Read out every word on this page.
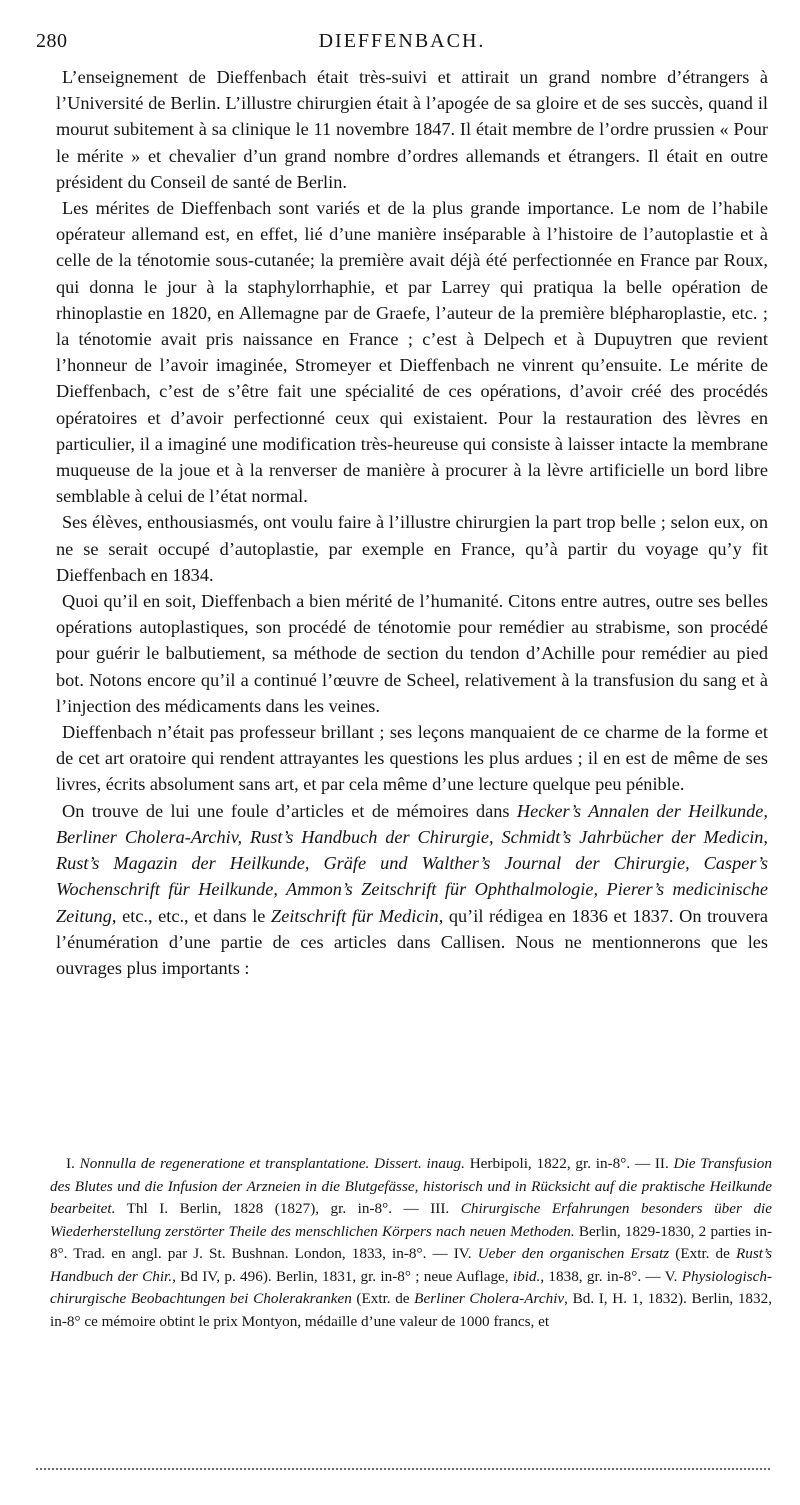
280	DIEFFENBACH.

L’enseignement de Dieffenbach était très-suivi et attirait un grand nombre d’étrangers à l’Université de Berlin. L’illustre chirurgien était à l’apogée de sa gloire et de ses succès, quand il mourut subitement à sa clinique le 11 novembre 1847. Il était membre de l’ordre prussien « Pour le mérite » et chevalier d’un grand nombre d’ordres allemands et étrangers. Il était en outre président du Conseil de santé de Berlin.

Les mérites de Dieffenbach sont variés et de la plus grande importance. Le nom de l’habile opérateur allemand est, en effet, lié d’une manière inséparable à l’histoire de l’autoplastie et à celle de la ténotomie sous-cutanée; la première avait déjà été perfectionnée en France par Roux, qui donna le jour à la staphylorrhaphie, et par Larrey qui pratiqua la belle opération de rhinoplastie en 1820, en Allemagne par de Graefe, l’auteur de la première blépharoplastie, etc. ; la ténotomie avait pris naissance en France ; c’est à Delpech et à Dupuytren que revient l’honneur de l’avoir imaginée, Stromeyer et Dieffenbach ne vinrent qu’ensuite. Le mérite de Dieffenbach, c’est de s’être fait une spécialité de ces opérations, d’avoir créé des procédés opératoires et d’avoir perfectionné ceux qui existaient. Pour la restauration des lèvres en particulier, il a imaginé une modification très-heureuse qui consiste à laisser intacte la membrane muqueuse de la joue et à la renverser de manière à procurer à la lèvre artificielle un bord libre semblable à celui de l’état normal.

Ses élèves, enthousiasmés, ont voulu faire à l’illustre chirurgien la part trop belle ; selon eux, on ne se serait occupé d’autoplastie, par exemple en France, qu’à partir du voyage qu’y fit Dieffenbach en 1834.

Quoi qu’il en soit, Dieffenbach a bien mérité de l’humanité. Citons entre autres, outre ses belles opérations autoplastiques, son procédé de ténotomie pour remédier au strabisme, son procédé pour guérir le balbutiement, sa méthode de section du tendon d’Achille pour remédier au pied bot. Notons encore qu’il a continué l’œuvre de Scheel, relativement à la transfusion du sang et à l’injection des médicaments dans les veines.

Dieffenbach n’était pas professeur brillant ; ses leçons manquaient de ce charme de la forme et de cet art oratoire qui rendent attrayantes les questions les plus ardues ; il en est de même de ses livres, écrits absolument sans art, et par cela même d’une lecture quelque peu pénible.

On trouve de lui une foule d’articles et de mémoires dans Hecker’s Annalen der Heilkunde, Berliner Cholera-Archiv, Rust’s Handbuch der Chirurgie, Schmidt’s Jahrbücher der Medicin, Rust’s Magazin der Heilkunde, Gräfe und Walther’s Journal der Chirurgie, Casper’s Wochenschrift für Heilkunde, Ammon’s Zeitschrift für Ophthalmologie, Pierer’s medicinische Zeitung, etc., etc., et dans le Zeitschrift für Medicin, qu’il rédigea en 1836 et 1837. On trouvera l’énumération d’une partie de ces articles dans Callisen. Nous ne mentionnerons que les ouvrages plus importants :

I. Nonnulla de regeneratione et transplantatione. Dissert. inaug. Herbipoli, 1822, gr. in-8°. — II. Die Transfusion des Blutes und die Infusion der Arzneien in die Blutgefässe, historisch und in Rücksicht auf die praktische Heilkunde bearbeitet. Thl I. Berlin, 1828 (1827), gr. in-8°. — III. Chirurgische Erfahrungen besonders über die Wiederherstellung zerstörter Theile des menschlichen Körpers nach neuen Methoden. Berlin, 1829-1830, 2 parties in-8°. Trad. en angl. par J. St. Bushnan. London, 1833, in-8°. — IV. Ueber den organischen Ersatz (Extr. de Rust’s Handbuch der Chir., Bd IV, p. 496). Berlin, 1831, gr. in-8° ; neue Auflage, ibid., 1838, gr. in-8°. — V. Physiologisch-chirurgische Beobachtungen bei Cholerakranken (Extr. de Berliner Cholera-Archiv, Bd. I, H. 1, 1832). Berlin, 1832, in-8° ce mémoire obtint le prix Montyon, médaille d’une valeur de 1000 francs, et
